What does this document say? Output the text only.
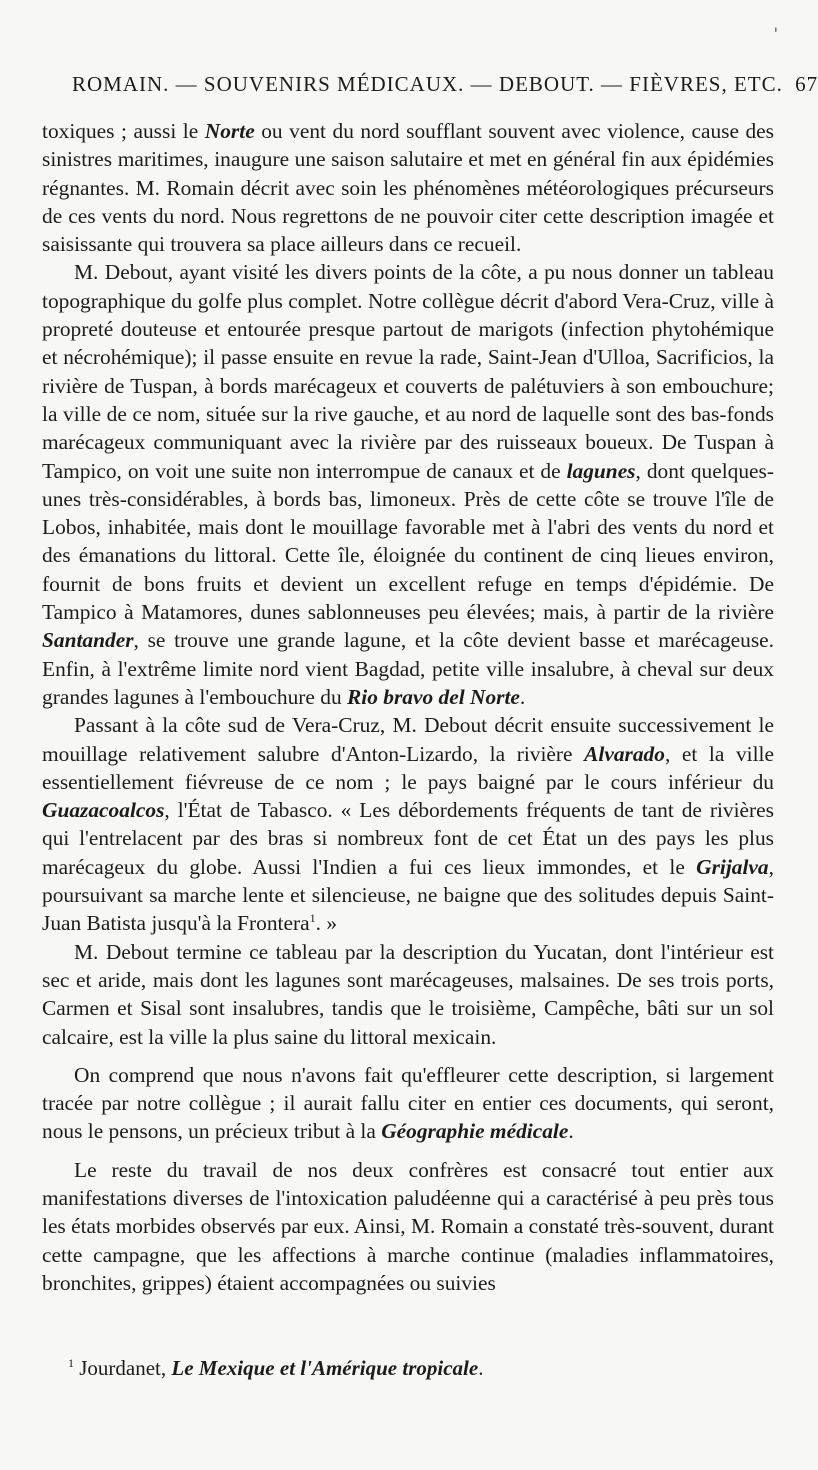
'
ROMAIN. — SOUVENIRS MÉDICAUX. — DEBOUT. — FIÈVRES, ETC. 67

toxiques ; aussi le Norte ou vent du nord soufflant souvent avec violence, cause des sinistres maritimes, inaugure une saison salutaire et met en général fin aux épidémies régnantes. M. Romain décrit avec soin les phénomènes météorologiques précurseurs de ces vents du nord. Nous regrettons de ne pouvoir citer cette description imagée et saisissante qui trouvera sa place ailleurs dans ce recueil.

M. Debout, ayant visité les divers points de la côte, a pu nous donner un tableau topographique du golfe plus complet. Notre collègue décrit d'abord Vera-Cruz, ville à propreté douteuse et entourée presque partout de marigots (infection phytohémique et nécrohémique); il passe ensuite en revue la rade, Saint-Jean d'Ulloa, Sacrificios, la rivière de Tuspan, à bords marécageux et couverts de palétuviers à son embouchure; la ville de ce nom, située sur la rive gauche, et au nord de laquelle sont des bas-fonds marécageux communiquant avec la rivière par des ruisseaux boueux. De Tuspan à Tampico, on voit une suite non interrompue de canaux et de lagunes, dont quelques-unes très-considérables, à bords bas, limoneux. Près de cette côte se trouve l'île de Lobos, inhabitée, mais dont le mouillage favorable met à l'abri des vents du nord et des émanations du littoral. Cette île, éloignée du continent de cinq lieues environ, fournit de bons fruits et devient un excellent refuge en temps d'épidémie. De Tampico à Matamores, dunes sablonneuses peu élevées; mais, à partir de la rivière Santander, se trouve une grande lagune, et la côte devient basse et marécageuse. Enfin, à l'extrême limite nord vient Bagdad, petite ville insalubre, à cheval sur deux grandes lagunes à l'embouchure du Rio bravo del Norte.

Passant à la côte sud de Vera-Cruz, M. Debout décrit ensuite successivement le mouillage relativement salubre d'Anton-Lizardo, la rivière Alvarado, et la ville essentiellement fiévreuse de ce nom ; le pays baigné par le cours inférieur du Guazacoalcos, l'État de Tabasco. « Les débordements fréquents de tant de rivières qui l'entrelacent par des bras si nombreux font de cet État un des pays les plus marécageux du globe. Aussi l'Indien a fui ces lieux immondes, et le Grijalva, poursuivant sa marche lente et silencieuse, ne baigne que des solitudes depuis Saint-Juan Batista jusqu'à la Frontera$^1$. »

M. Debout termine ce tableau par la description du Yucatan, dont l'intérieur est sec et aride, mais dont les lagunes sont marécageuses, malsaines. De ses trois ports, Carmen et Sisal sont insalubres, tandis que le troisième, Campêche, bâti sur un sol calcaire, est la ville la plus saine du littoral mexicain.

On comprend que nous n'avons fait qu'effleurer cette description, si largement tracée par notre collègue ; il aurait fallu citer en entier ces documents, qui seront, nous le pensons, un précieux tribut à la Géographie médicale.

Le reste du travail de nos deux confrères est consacré tout entier aux manifestations diverses de l'intoxication paludéenne qui a caractérisé à peu près tous les états morbides observés par eux. Ainsi, M. Romain a constaté très-souvent, durant cette campagne, que les affections à marche continue (maladies inflammatoires, bronchites, grippes) étaient accompagnées ou suivies

$^1$ Jourdanet, Le Mexique et l'Amérique tropicale.
